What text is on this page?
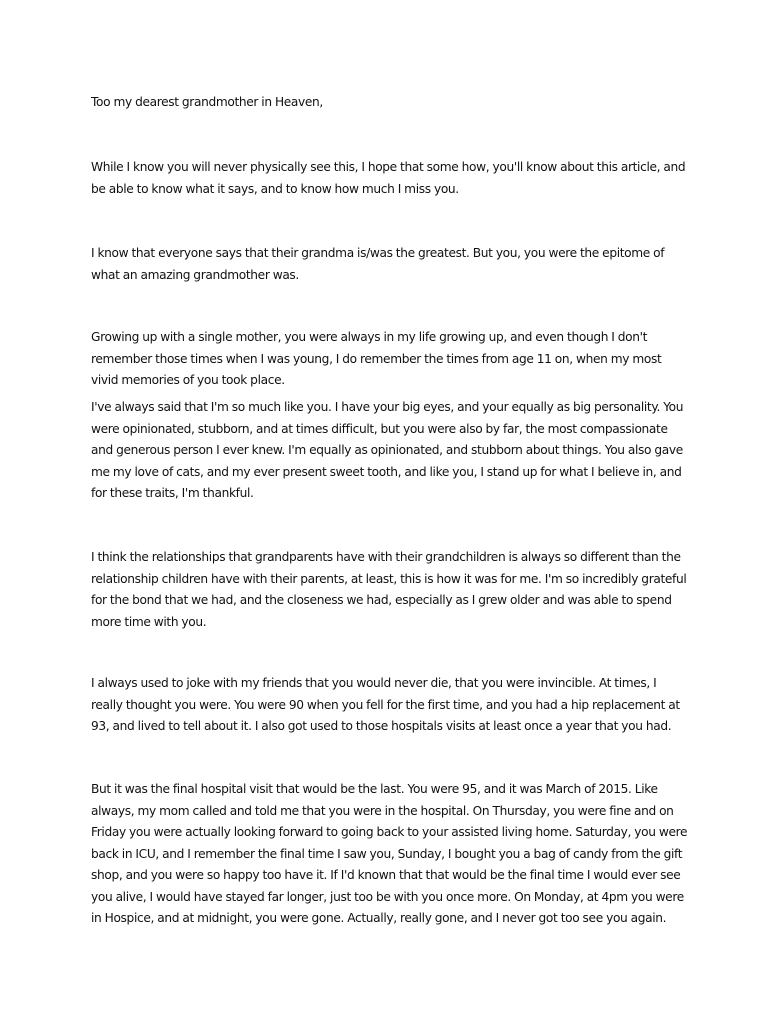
Too my dearest grandmother in Heaven,

While I know you will never physically see this, I hope that some how, you'll know about this article, and be able to know what it says, and to know how much I miss you.

I know that everyone says that their grandma is/was the greatest. But you, you were the epitome of what an amazing grandmother was.

Growing up with a single mother, you were always in my life growing up, and even though I don't remember those times when I was young, I do remember the times from age 11 on, when my most vivid memories of you took place.

I've always said that I'm so much like you. I have your big eyes, and your equally as big personality. You were opinionated, stubborn, and at times difficult, but you were also by far, the most compassionate and generous person I ever knew. I'm equally as opinionated, and stubborn about things. You also gave me my love of cats, and my ever present sweet tooth, and like you, I stand up for what I believe in, and for these traits, I'm thankful.

I think the relationships that grandparents have with their grandchildren is always so different than the relationship children have with their parents, at least, this is how it was for me. I'm so incredibly grateful for the bond that we had, and the closeness we had, especially as I grew older and was able to spend more time with you.

I always used to joke with my friends that you would never die, that you were invincible. At times, I really thought you were. You were 90 when you fell for the first time, and you had a hip replacement at 93, and lived to tell about it. I also got used to those hospitals visits at least once a year that you had.

But it was the final hospital visit that would be the last. You were 95, and it was March of 2015. Like always, my mom called and told me that you were in the hospital. On Thursday, you were fine and on Friday you were actually looking forward to going back to your assisted living home. Saturday, you were back in ICU, and I remember the final time I saw you, Sunday, I bought you a bag of candy from the gift shop, and you were so happy too have it. If I'd known that that would be the final time I would ever see you alive, I would have stayed far longer, just too be with you once more. On Monday, at 4pm you were in Hospice, and at midnight, you were gone. Actually, really gone, and I never got too see you again.
